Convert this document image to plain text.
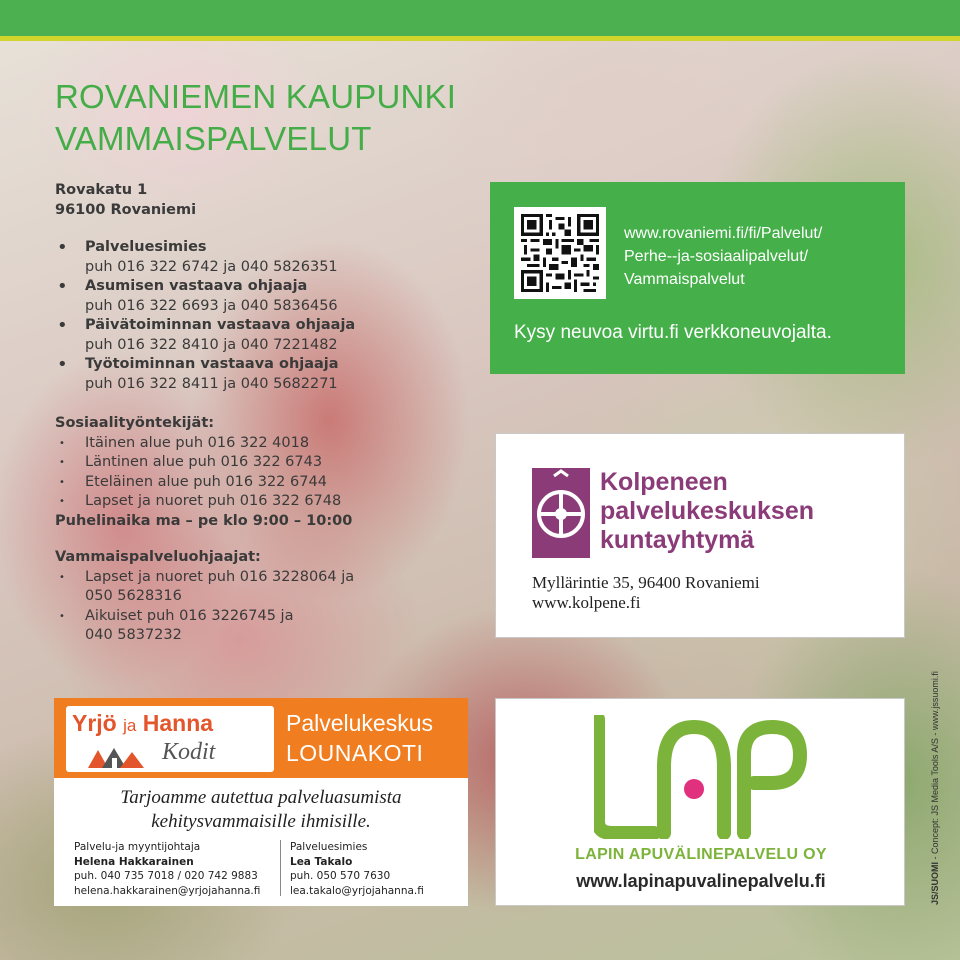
ROVANIEMEN KAUPUNKI
VAMMAISPALVELUT
Rovakatu 1
96100 Rovaniemi
• Palveluesimies
puh 016 322 6742 ja 040 5826351
• Asumisen vastaava ohjaaja
puh 016 322 6693 ja 040 5836456
• Päivätoiminnan vastaava ohjaaja
puh 016 322 8410 ja 040 7221482
• Työtoiminnan vastaava ohjaaja
puh 016 322 8411 ja 040 5682271
Sosiaalityöntekijät:
• Itäinen alue puh 016 322 4018
• Läntinen alue puh 016 322 6743
• Eteläinen alue puh 016 322 6744
• Lapset ja nuoret puh 016 322 6748
Puhelinaika ma – pe klo 9:00 – 10:00
Vammaispalveluohjaajat:
• Lapset ja nuoret puh 016 3228064 ja
050 5628316
• Aikuiset puh 016 3226745 ja
040 5837232
www.rovaniemi.fi/fi/Palvelut/
Perhe--ja-sosiaalipalvelut/
Vammaispalvelut
Kysy neuvoa virtu.fi verkkoneuvojalta.
Kolpeneen
palvelukeskuksen
kuntayhtymä
Myllärintie 35, 96400 Rovaniemi
www.kolpene.fi
Yrjö ja Hanna
Kodit
Palvelukeskus
LOUNAKOTI
Tarjoamme autettua palveluasumista
kehitysvammaisille ihmisille.
Palvelu-ja myyntijohtaja
Helena Hakkarainen
puh. 040 735 7018 / 020 742 9883
helena.hakkarainen@yrjojahanna.fi
Palveluesimies
Lea Takalo
puh. 050 570 7630
lea.takalo@yrjojahanna.fi
LAPIN APUVÄLINEPALVELU OY
www.lapinapuvalinepalvelu.fi	JS/SUOMI - Concept: JS Media Tools A/S - www.jssuomi.fi
